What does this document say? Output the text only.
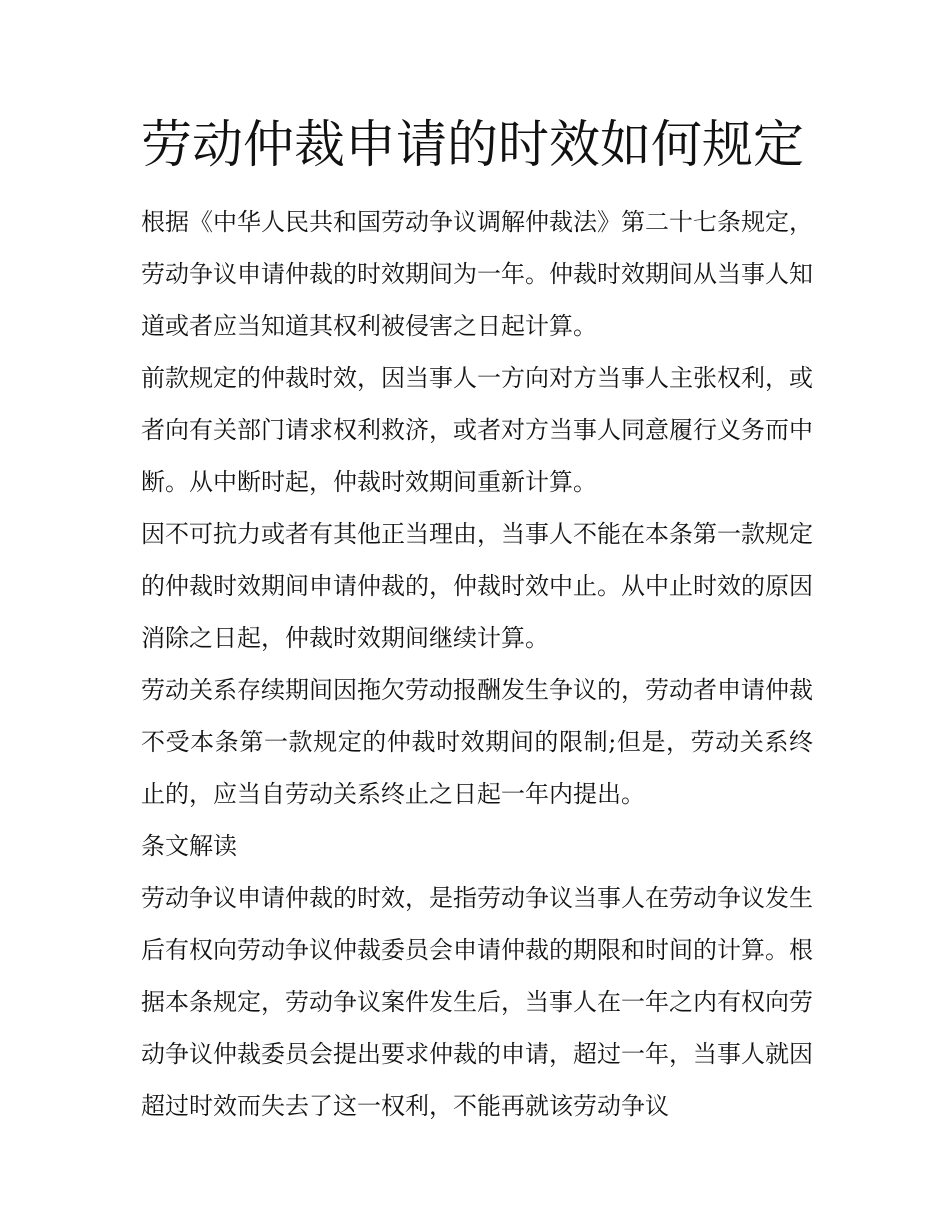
劳动仲裁申请的时效如何规定

根据《中华人民共和国劳动争议调解仲裁法》第二十七条规定，劳动争议申请仲裁的时效期间为一年。仲裁时效期间从当事人知道或者应当知道其权利被侵害之日起计算。

前款规定的仲裁时效，因当事人一方向对方当事人主张权利，或者向有关部门请求权利救济，或者对方当事人同意履行义务而中断。从中断时起，仲裁时效期间重新计算。

因不可抗力或者有其他正当理由，当事人不能在本条第一款规定的仲裁时效期间申请仲裁的，仲裁时效中止。从中止时效的原因消除之日起，仲裁时效期间继续计算。

劳动关系存续期间因拖欠劳动报酬发生争议的，劳动者申请仲裁不受本条第一款规定的仲裁时效期间的限制;但是，劳动关系终止的，应当自劳动关系终止之日起一年内提出。

条文解读

劳动争议申请仲裁的时效，是指劳动争议当事人在劳动争议发生后有权向劳动争议仲裁委员会申请仲裁的期限和时间的计算。根据本条规定，劳动争议案件发生后，当事人在一年之内有权向劳动争议仲裁委员会提出要求仲裁的申请，超过一年，当事人就因超过时效而失去了这一权利，不能再就该劳动争议
